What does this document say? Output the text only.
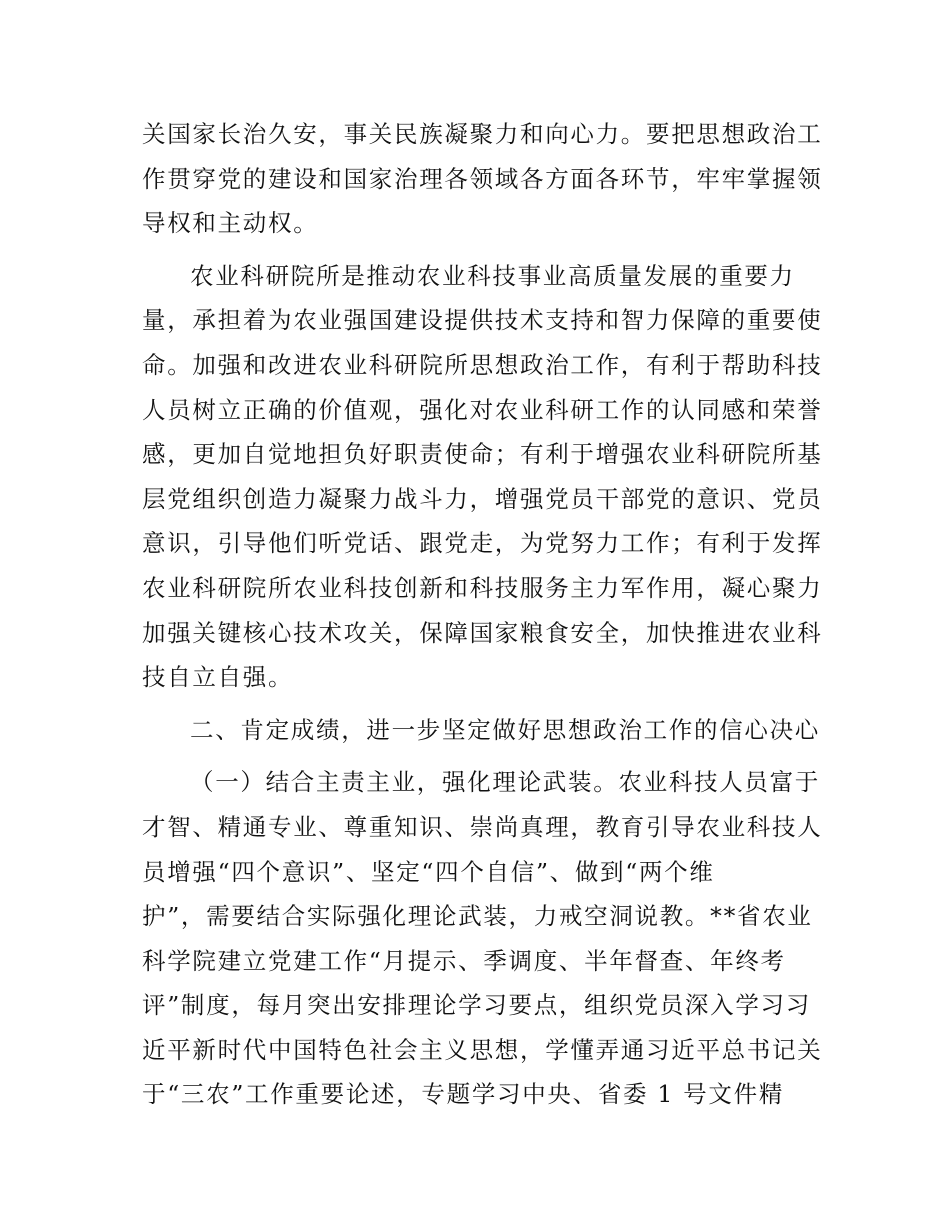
关国家长治久安，事关民族凝聚力和向心力。要把思想政治工
作贯穿党的建设和国家治理各领域各方面各环节，牢牢掌握领
导权和主动权。
农业科研院所是推动农业科技事业高质量发展的重要力
量，承担着为农业强国建设提供技术支持和智力保障的重要使
命。加强和改进农业科研院所思想政治工作，有利于帮助科技
人员树立正确的价值观，强化对农业科研工作的认同感和荣誉
感，更加自觉地担负好职责使命；有利于增强农业科研院所基
层党组织创造力凝聚力战斗力，增强党员干部党的意识、党员
意识，引导他们听党话、跟党走，为党努力工作；有利于发挥
农业科研院所农业科技创新和科技服务主力军作用，凝心聚力
加强关键核心技术攻关，保障国家粮食安全，加快推进农业科
技自立自强。
二、肯定成绩，进一步坚定做好思想政治工作的信心决心
（一）结合主责主业，强化理论武装。农业科技人员富于
才智、精通专业、尊重知识、崇尚真理，教育引导农业科技人
员增强“四个意识”、坚定“四个自信”、做到“两个维
护”，需要结合实际强化理论武装，力戒空洞说教。**省农业
科学院建立党建工作“月提示、季调度、半年督查、年终考
评”制度，每月突出安排理论学习要点，组织党员深入学习习
近平新时代中国特色社会主义思想，学懂弄通习近平总书记关
于“三农”工作重要论述，专题学习中央、省委 1 号文件精
